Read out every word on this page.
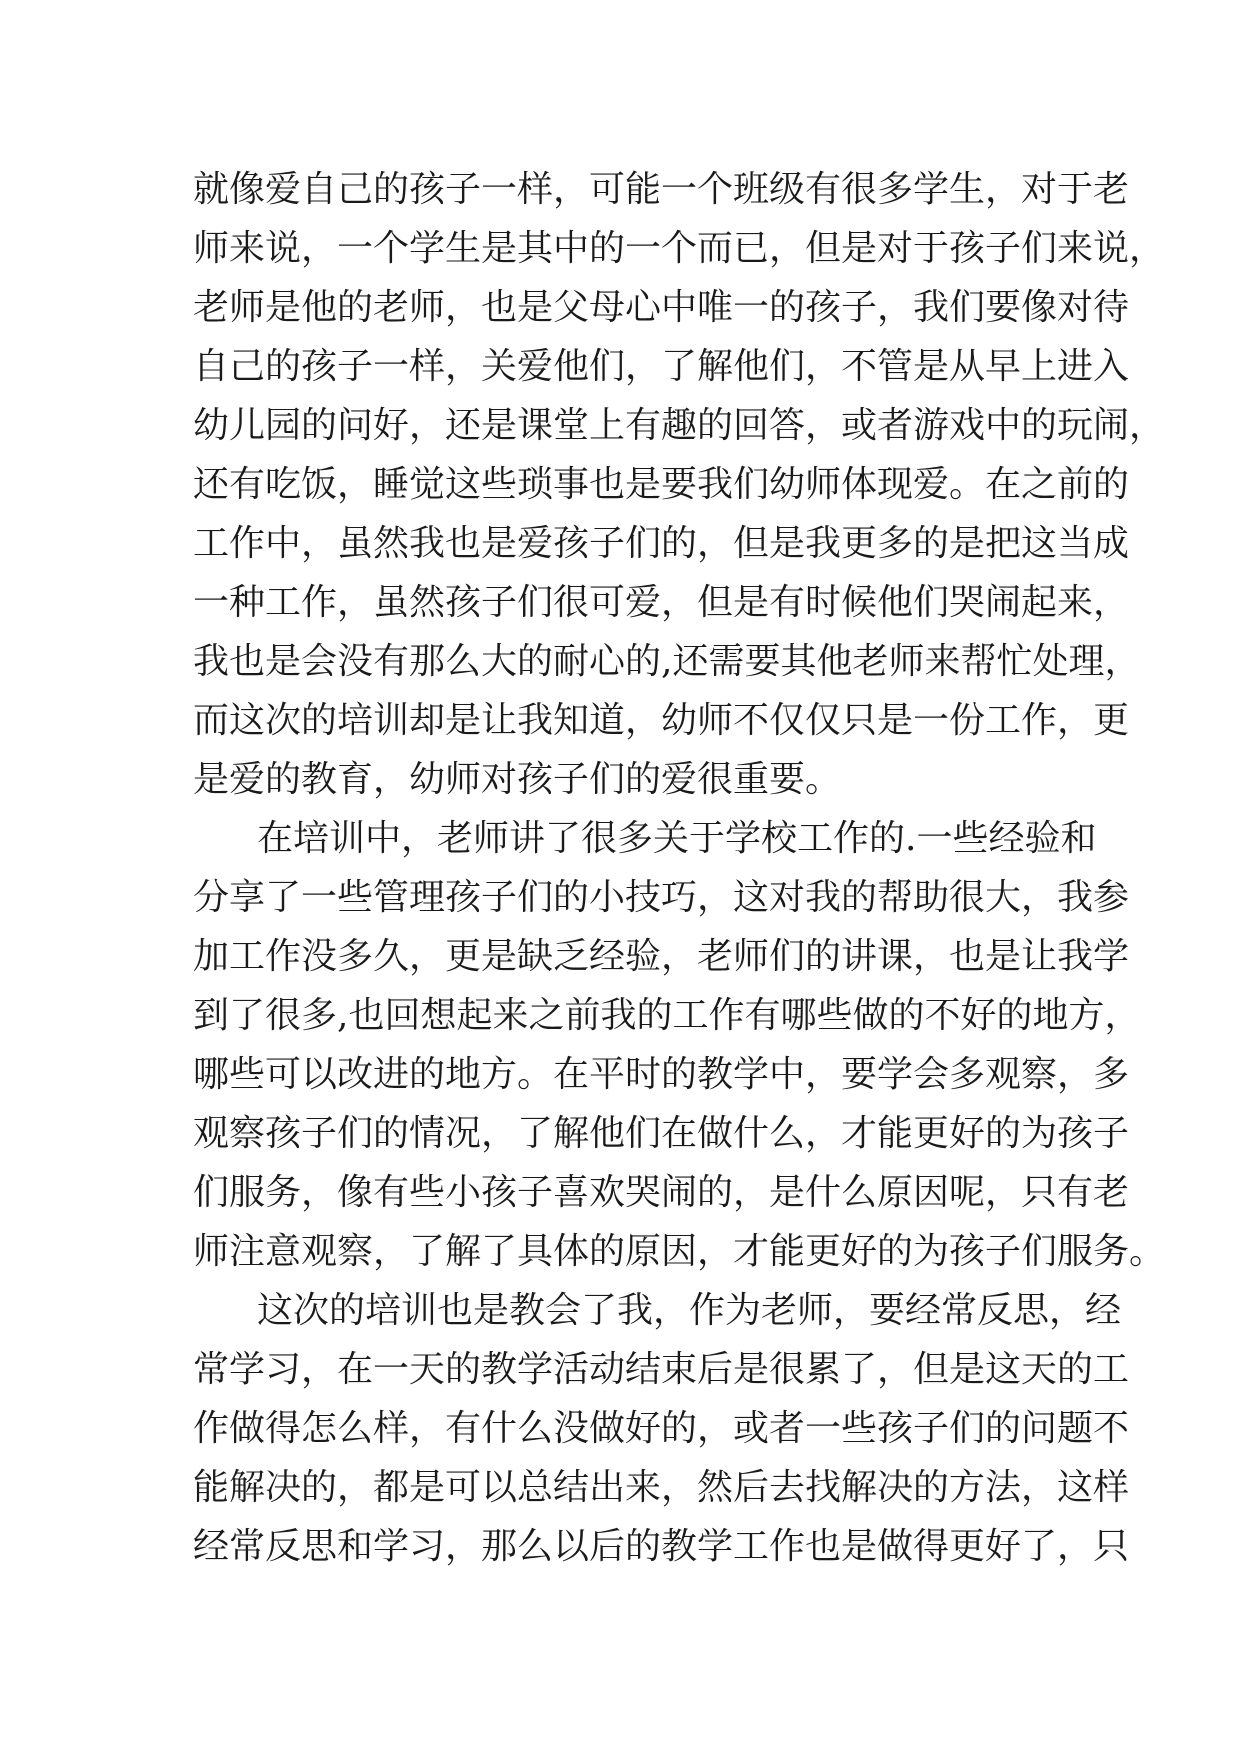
就像爱自己的孩子一样，可能一个班级有很多学生，对于老
师来说，一个学生是其中的一个而已，但是对于孩子们来说，
老师是他的老师，也是父母心中唯一的孩子，我们要像对待
自己的孩子一样，关爱他们，了解他们，不管是从早上进入
幼儿园的问好，还是课堂上有趣的回答，或者游戏中的玩闹，
还有吃饭，睡觉这些琐事也是要我们幼师体现爱。在之前的
工作中，虽然我也是爱孩子们的，但是我更多的是把这当成
一种工作，虽然孩子们很可爱，但是有时候他们哭闹起来，
我也是会没有那么大的耐心的,还需要其他老师来帮忙处理，
而这次的培训却是让我知道，幼师不仅仅只是一份工作，更
是爱的教育，幼师对孩子们的爱很重要。
在培训中，老师讲了很多关于学校工作的.一些经验和
分享了一些管理孩子们的小技巧，这对我的帮助很大，我参
加工作没多久，更是缺乏经验，老师们的讲课，也是让我学
到了很多,也回想起来之前我的工作有哪些做的不好的地方，
哪些可以改进的地方。在平时的教学中，要学会多观察，多
观察孩子们的情况，了解他们在做什么，才能更好的为孩子
们服务，像有些小孩子喜欢哭闹的，是什么原因呢，只有老
师注意观察，了解了具体的原因，才能更好的为孩子们服务。
这次的培训也是教会了我，作为老师，要经常反思，经
常学习，在一天的教学活动结束后是很累了，但是这天的工
作做得怎么样，有什么没做好的，或者一些孩子们的问题不
能解决的，都是可以总结出来，然后去找解决的方法，这样
经常反思和学习，那么以后的教学工作也是做得更好了，只
